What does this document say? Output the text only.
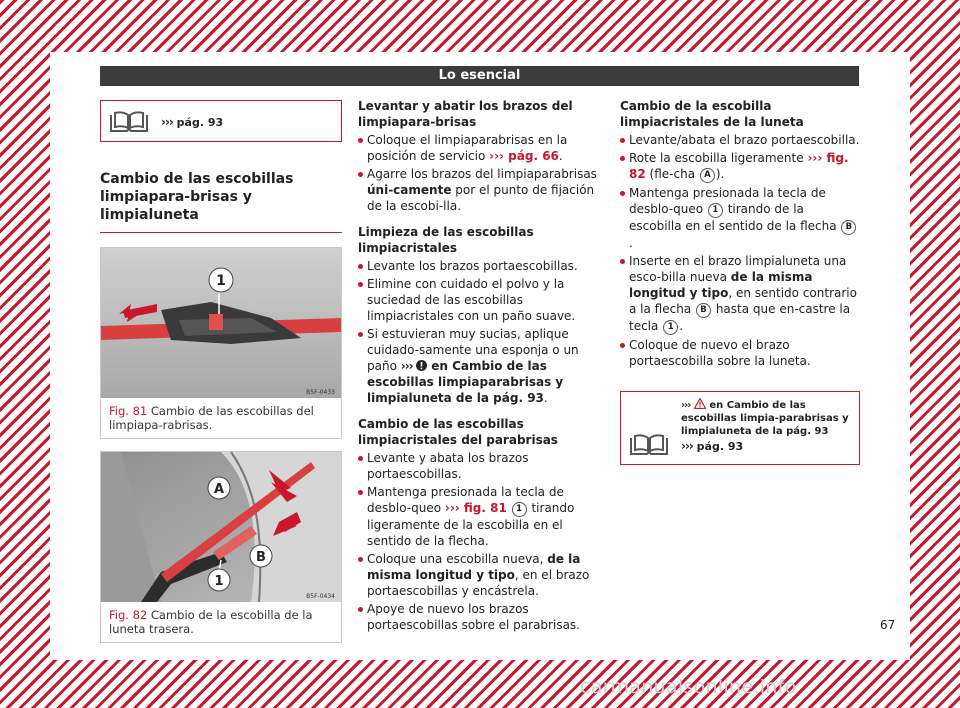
Lo esencial
››› pág. 93
Cambio de las escobillas limpiapara-brisas y limpialuneta
1
B5F-0433
Fig. 81 Cambio de las escobillas del limpiapa-rabrisas.
A
B
1
B5F-0434
Fig. 82 Cambio de la escobilla de la luneta trasera.
Levantar y abatir los brazos del limpiapara-brisas
Coloque el limpiaparabrisas en la posición de servicio ››› pág. 66.
Agarre los brazos del limpiaparabrisas úni-camente por el punto de fijación de la escobi-lla.
Limpieza de las escobillas limpiacristales
Levante los brazos portaescobillas.
Elimine con cuidado el polvo y la suciedad de las escobillas limpiacristales con un paño suave.
Si estuvieran muy sucias, aplique cuidado-samente una esponja o un paño ››› en Cambio de las escobillas limpiaparabrisas y limpialuneta de la pág. 93.
Cambio de las escobillas limpiacristales del parabrisas
Levante y abata los brazos portaescobillas.
Mantenga presionada la tecla de desblo-queo ››› fig. 81 1 tirando ligeramente de la escobilla en el sentido de la flecha.
Coloque una escobilla nueva, de la misma longitud y tipo, en el brazo portaescobillas y encástrela.
Apoye de nuevo los brazos portaescobillas sobre el parabrisas.
Cambio de la escobilla limpiacristales de la luneta
Levante/abata el brazo portaescobilla.
Rote la escobilla ligeramente ››› fig. 82 (fle-cha A ).
Mantenga presionada la tecla de desblo-queo 1 tirando de la escobilla en el sentido de la flecha B.
Inserte en el brazo limpialuneta una esco-billa nueva de la misma longitud y tipo, en sentido contrario a la flecha B hasta que en-castre la tecla 1 .
Coloque de nuevo el brazo portaescobilla sobre la luneta.
››› en Cambio de las escobillas limpia-parabrisas y limpialuneta de la pág. 93
››› pág. 93
67
carmanualsonline.info
